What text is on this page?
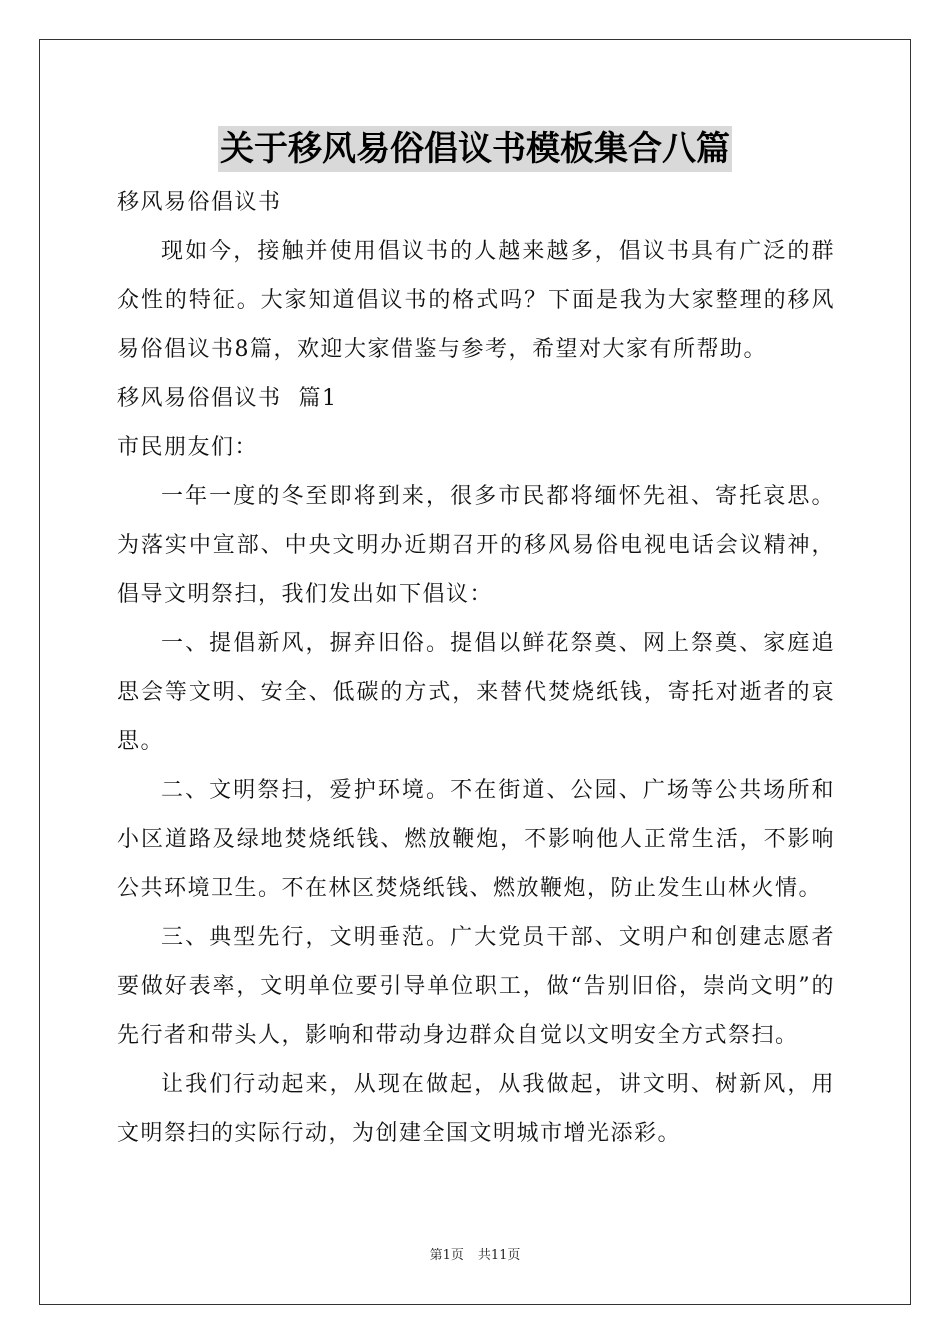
关于移风易俗倡议书模板集合八篇

移风易俗倡议书

现如今，接触并使用倡议书的人越来越多，倡议书具有广泛的群众性的特征。大家知道倡议书的格式吗？下面是我为大家整理的移风易俗倡议书8篇，欢迎大家借鉴与参考，希望对大家有所帮助。

移风易俗倡议书  篇1

市民朋友们：

一年一度的冬至即将到来，很多市民都将缅怀先祖、寄托哀思。为落实中宣部、中央文明办近期召开的移风易俗电视电话会议精神，倡导文明祭扫，我们发出如下倡议：

一、提倡新风，摒弃旧俗。提倡以鲜花祭奠、网上祭奠、家庭追思会等文明、安全、低碳的方式，来替代焚烧纸钱，寄托对逝者的哀思。

二、文明祭扫，爱护环境。不在街道、公园、广场等公共场所和小区道路及绿地焚烧纸钱、燃放鞭炮，不影响他人正常生活，不影响公共环境卫生。不在林区焚烧纸钱、燃放鞭炮，防止发生山林火情。

三、典型先行，文明垂范。广大党员干部、文明户和创建志愿者要做好表率，文明单位要引导单位职工，做“告别旧俗，崇尚文明”的先行者和带头人，影响和带动身边群众自觉以文明安全方式祭扫。

让我们行动起来，从现在做起，从我做起，讲文明、树新风，用文明祭扫的实际行动，为创建全国文明城市增光添彩。

第1页 共11页
